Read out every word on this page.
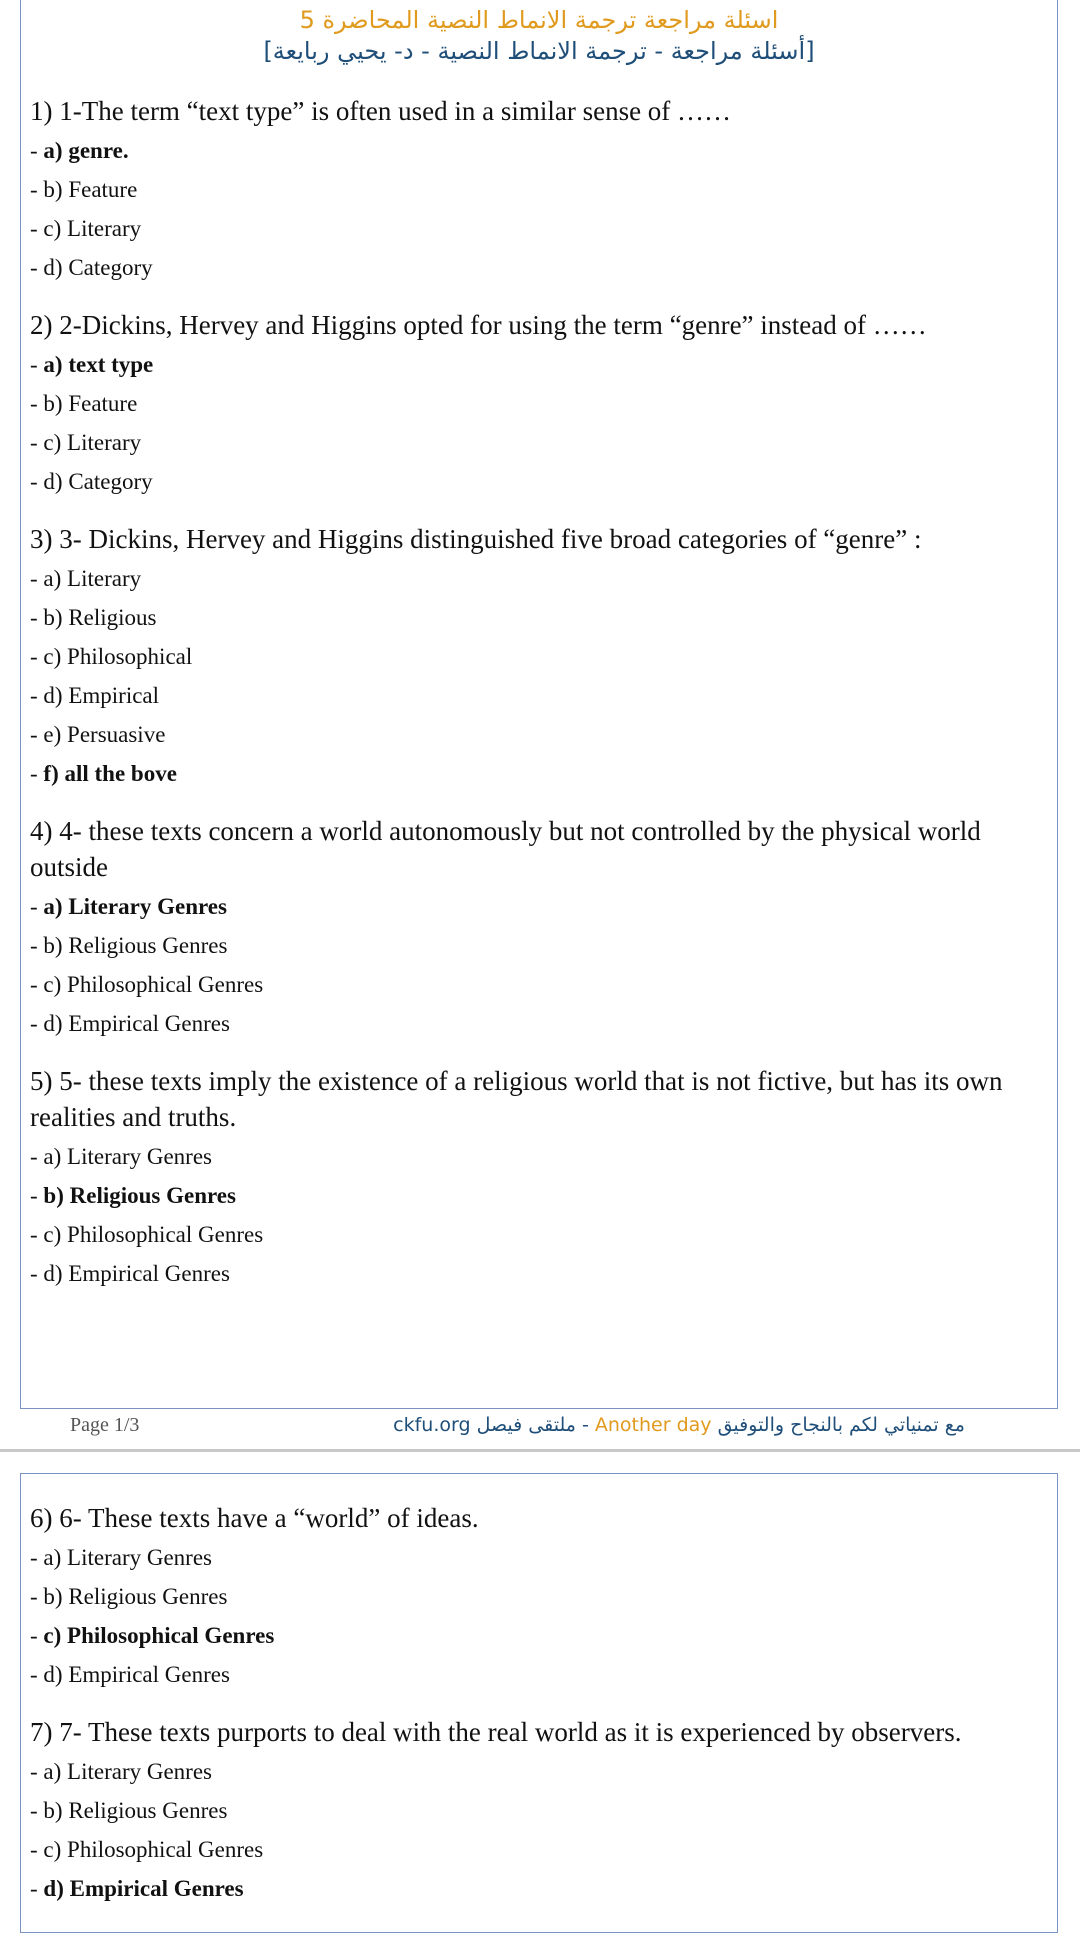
اسئلة مراجعة ترجمة الانماط النصية المحاضرة 5
[أسئلة مراجعة - ترجمة الانماط النصية - د- يحيي ربايعة]
1) 1-The term “text type” is often used in a similar sense of ……
- a) genre.
- b) Feature
- c) Literary
- d) Category
2) 2-Dickins, Hervey and Higgins opted for using the term “genre” instead of ……
- a) text type
- b) Feature
- c) Literary
- d) Category
3) 3- Dickins, Hervey and Higgins distinguished five broad categories of “genre” :
- a) Literary
- b) Religious
- c) Philosophical
- d) Empirical
- e) Persuasive
- f) all the bove
4) 4- these texts concern a world autonomously but not controlled by the physical world outside
- a) Literary Genres
- b) Religious Genres
- c) Philosophical Genres
- d) Empirical Genres
5) 5- these texts imply the existence of a religious world that is not fictive, but has its own realities and truths.
- a) Literary Genres
- b) Religious Genres
- c) Philosophical Genres
- d) Empirical Genres
Page 1/3	مع تمنياتي لكم بالنجاح والتوفيق Another day - ملتقى فيصل ckfu.org
6) 6- These texts have a “world” of ideas.
- a) Literary Genres
- b) Religious Genres
- c) Philosophical Genres
- d) Empirical Genres
7) 7- These texts purports to deal with the real world as it is experienced by observers.
- a) Literary Genres
- b) Religious Genres
- c) Philosophical Genres
- d) Empirical Genres
